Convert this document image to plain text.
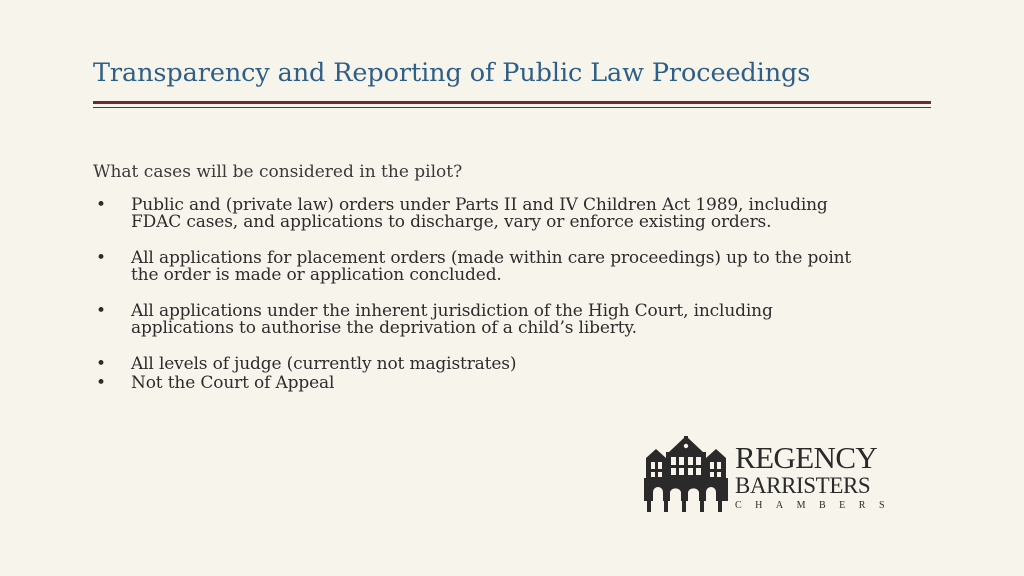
Transparency and Reporting of Public Law Proceedings

What cases will be considered in the pilot?

• Public and (private law) orders under Parts II and IV Children Act 1989, including
FDAC cases, and applications to discharge, vary or enforce existing orders.
• All applications for placement orders (made within care proceedings) up to the point
the order is made or application concluded.
• All applications under the inherent jurisdiction of the High Court, including
applications to authorise the deprivation of a child’s liberty.
• All levels of judge (currently not magistrates)
• Not the Court of Appeal
REGENCY
BARRISTERS
CHAMBERS
